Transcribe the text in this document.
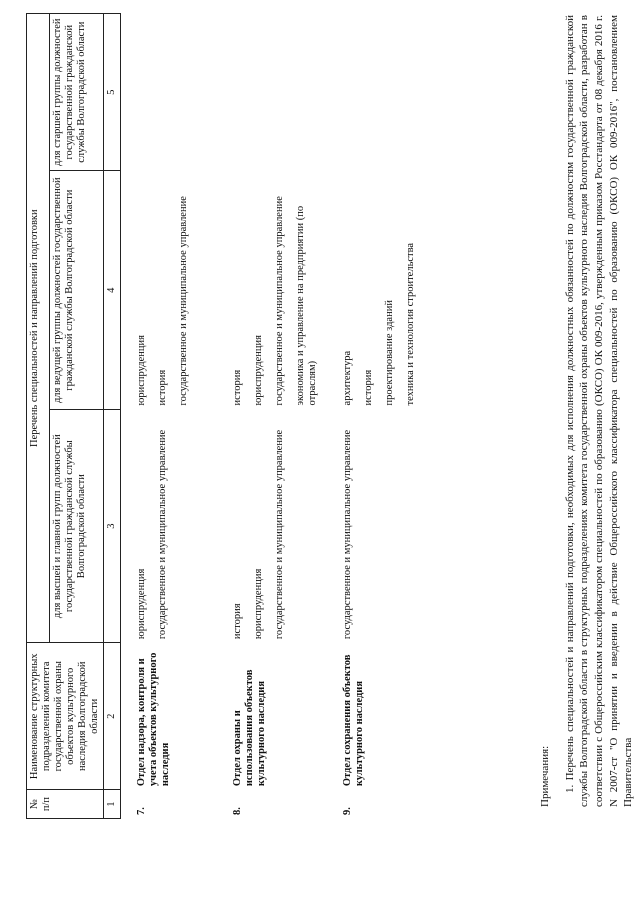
№ п/п	Наименование структурных подразделений комитета государственной охраны объектов культурного наследия Волгоградской области	Перечень специальностей и направлений подготовки		
		для высшей и главной групп должностей государственной гражданской службы Волгоградской области	для ведущей группы должностей государственной гражданской службы Волгоградской области	для старшей группы должностей государственной гражданской службы Волгоградской области
1	2	3	4	5
7.	Отдел надзора, контроля и учета объектов культурного наследия	юриспруденция государственное и муниципальное управление	юриспруденция история государственное и муниципальное управление	

8.	Отдел охраны и использования объектов культурного наследия	история юриспруденция государственное и муниципальное управление	история юриспруденция государственное и муниципальное управление экономика и управление на предприятии (по отраслям)	

9.	Отдел сохранения объектов культурного наследия	государственное и муниципальное управление	архитектура история проектирование зданий техника и технология строительства	

Примечания: 1. Перечень специальностей и направлений подготовки, необходимых для исполнения должностных обязанностей по должностям государственной гражданской службы Волгоградской области в структурных подразделениях комитета государственной охраны объектов культурного наследия Волгоградской области, разработан в соответствии с Общероссийским классификатором специальностей по образованию (ОКСО) ОК 009-2016, утвержденным приказом Росстандарта от 08 декабря 2016 г. N 2007-ст "О принятии и введении в действие Общероссийского классификатора специальностей по образованию (ОКСО) ОК 009-2016", постановлением Правительства
